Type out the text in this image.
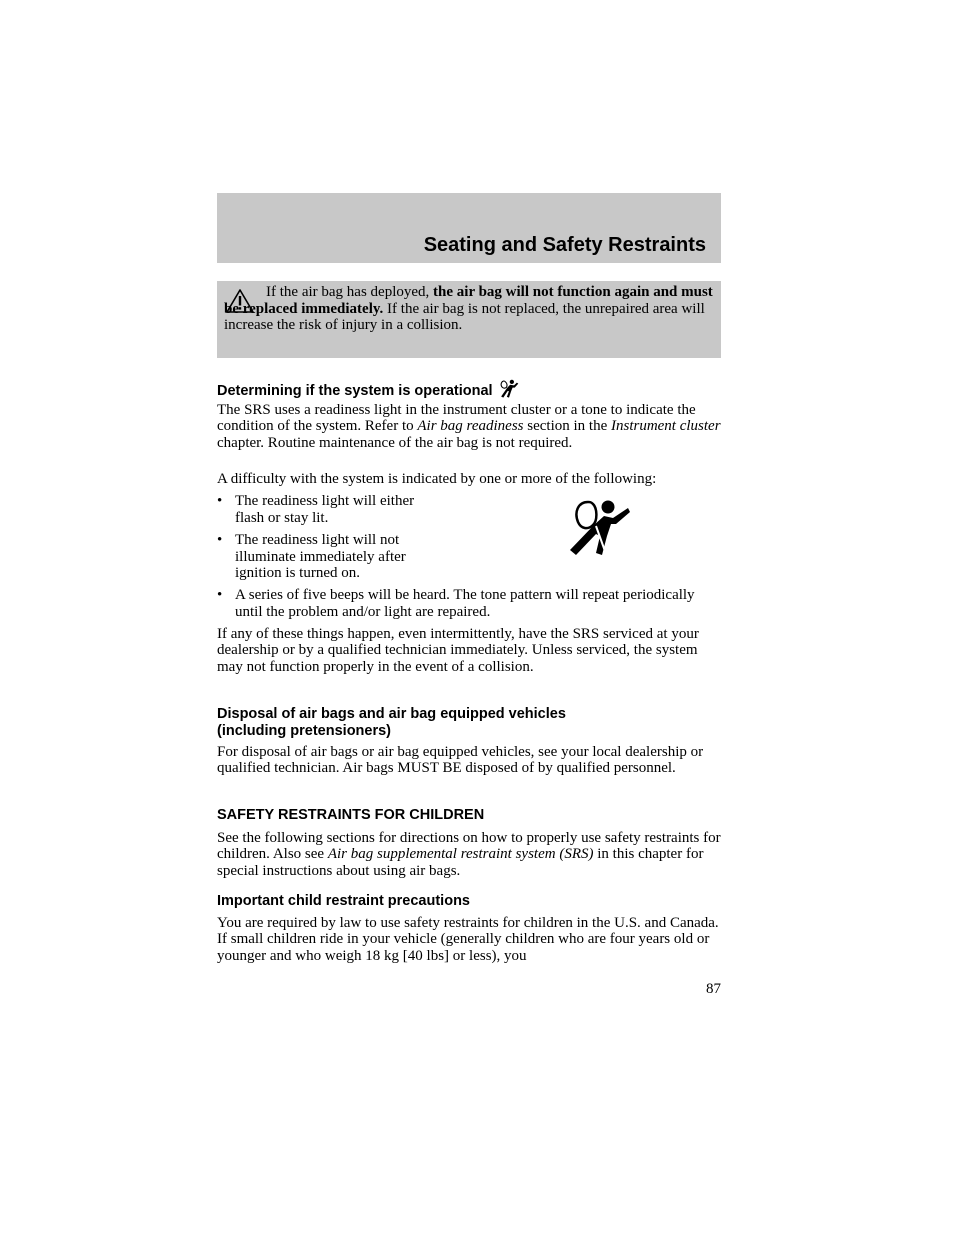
Seating and Safety Restraints
If the air bag has deployed, the air bag will not function again and must be replaced immediately. If the air bag is not replaced, the unrepaired area will increase the risk of injury in a collision.

Determining if the system is operational

The SRS uses a readiness light in the instrument cluster or a tone to indicate the condition of the system. Refer to Air bag readiness section in the Instrument cluster chapter. Routine maintenance of the air bag is not required.

A difficulty with the system is indicated by one or more of the following:

• The readiness light will either flash or stay lit.
• The readiness light will not illuminate immediately after ignition is turned on.
• A series of five beeps will be heard. The tone pattern will repeat periodically until the problem and/or light are repaired.

If any of these things happen, even intermittently, have the SRS serviced at your dealership or by a qualified technician immediately. Unless serviced, the system may not function properly in the event of a collision.

Disposal of air bags and air bag equipped vehicles
(including pretensioners)

For disposal of air bags or air bag equipped vehicles, see your local dealership or qualified technician. Air bags MUST BE disposed of by qualified personnel.

SAFETY RESTRAINTS FOR CHILDREN

See the following sections for directions on how to properly use safety restraints for children. Also see Air bag supplemental restraint system (SRS) in this chapter for special instructions about using air bags.

Important child restraint precautions

You are required by law to use safety restraints for children in the U.S. and Canada. If small children ride in your vehicle (generally children who are four years old or younger and who weigh 18 kg [40 lbs] or less), you

87
